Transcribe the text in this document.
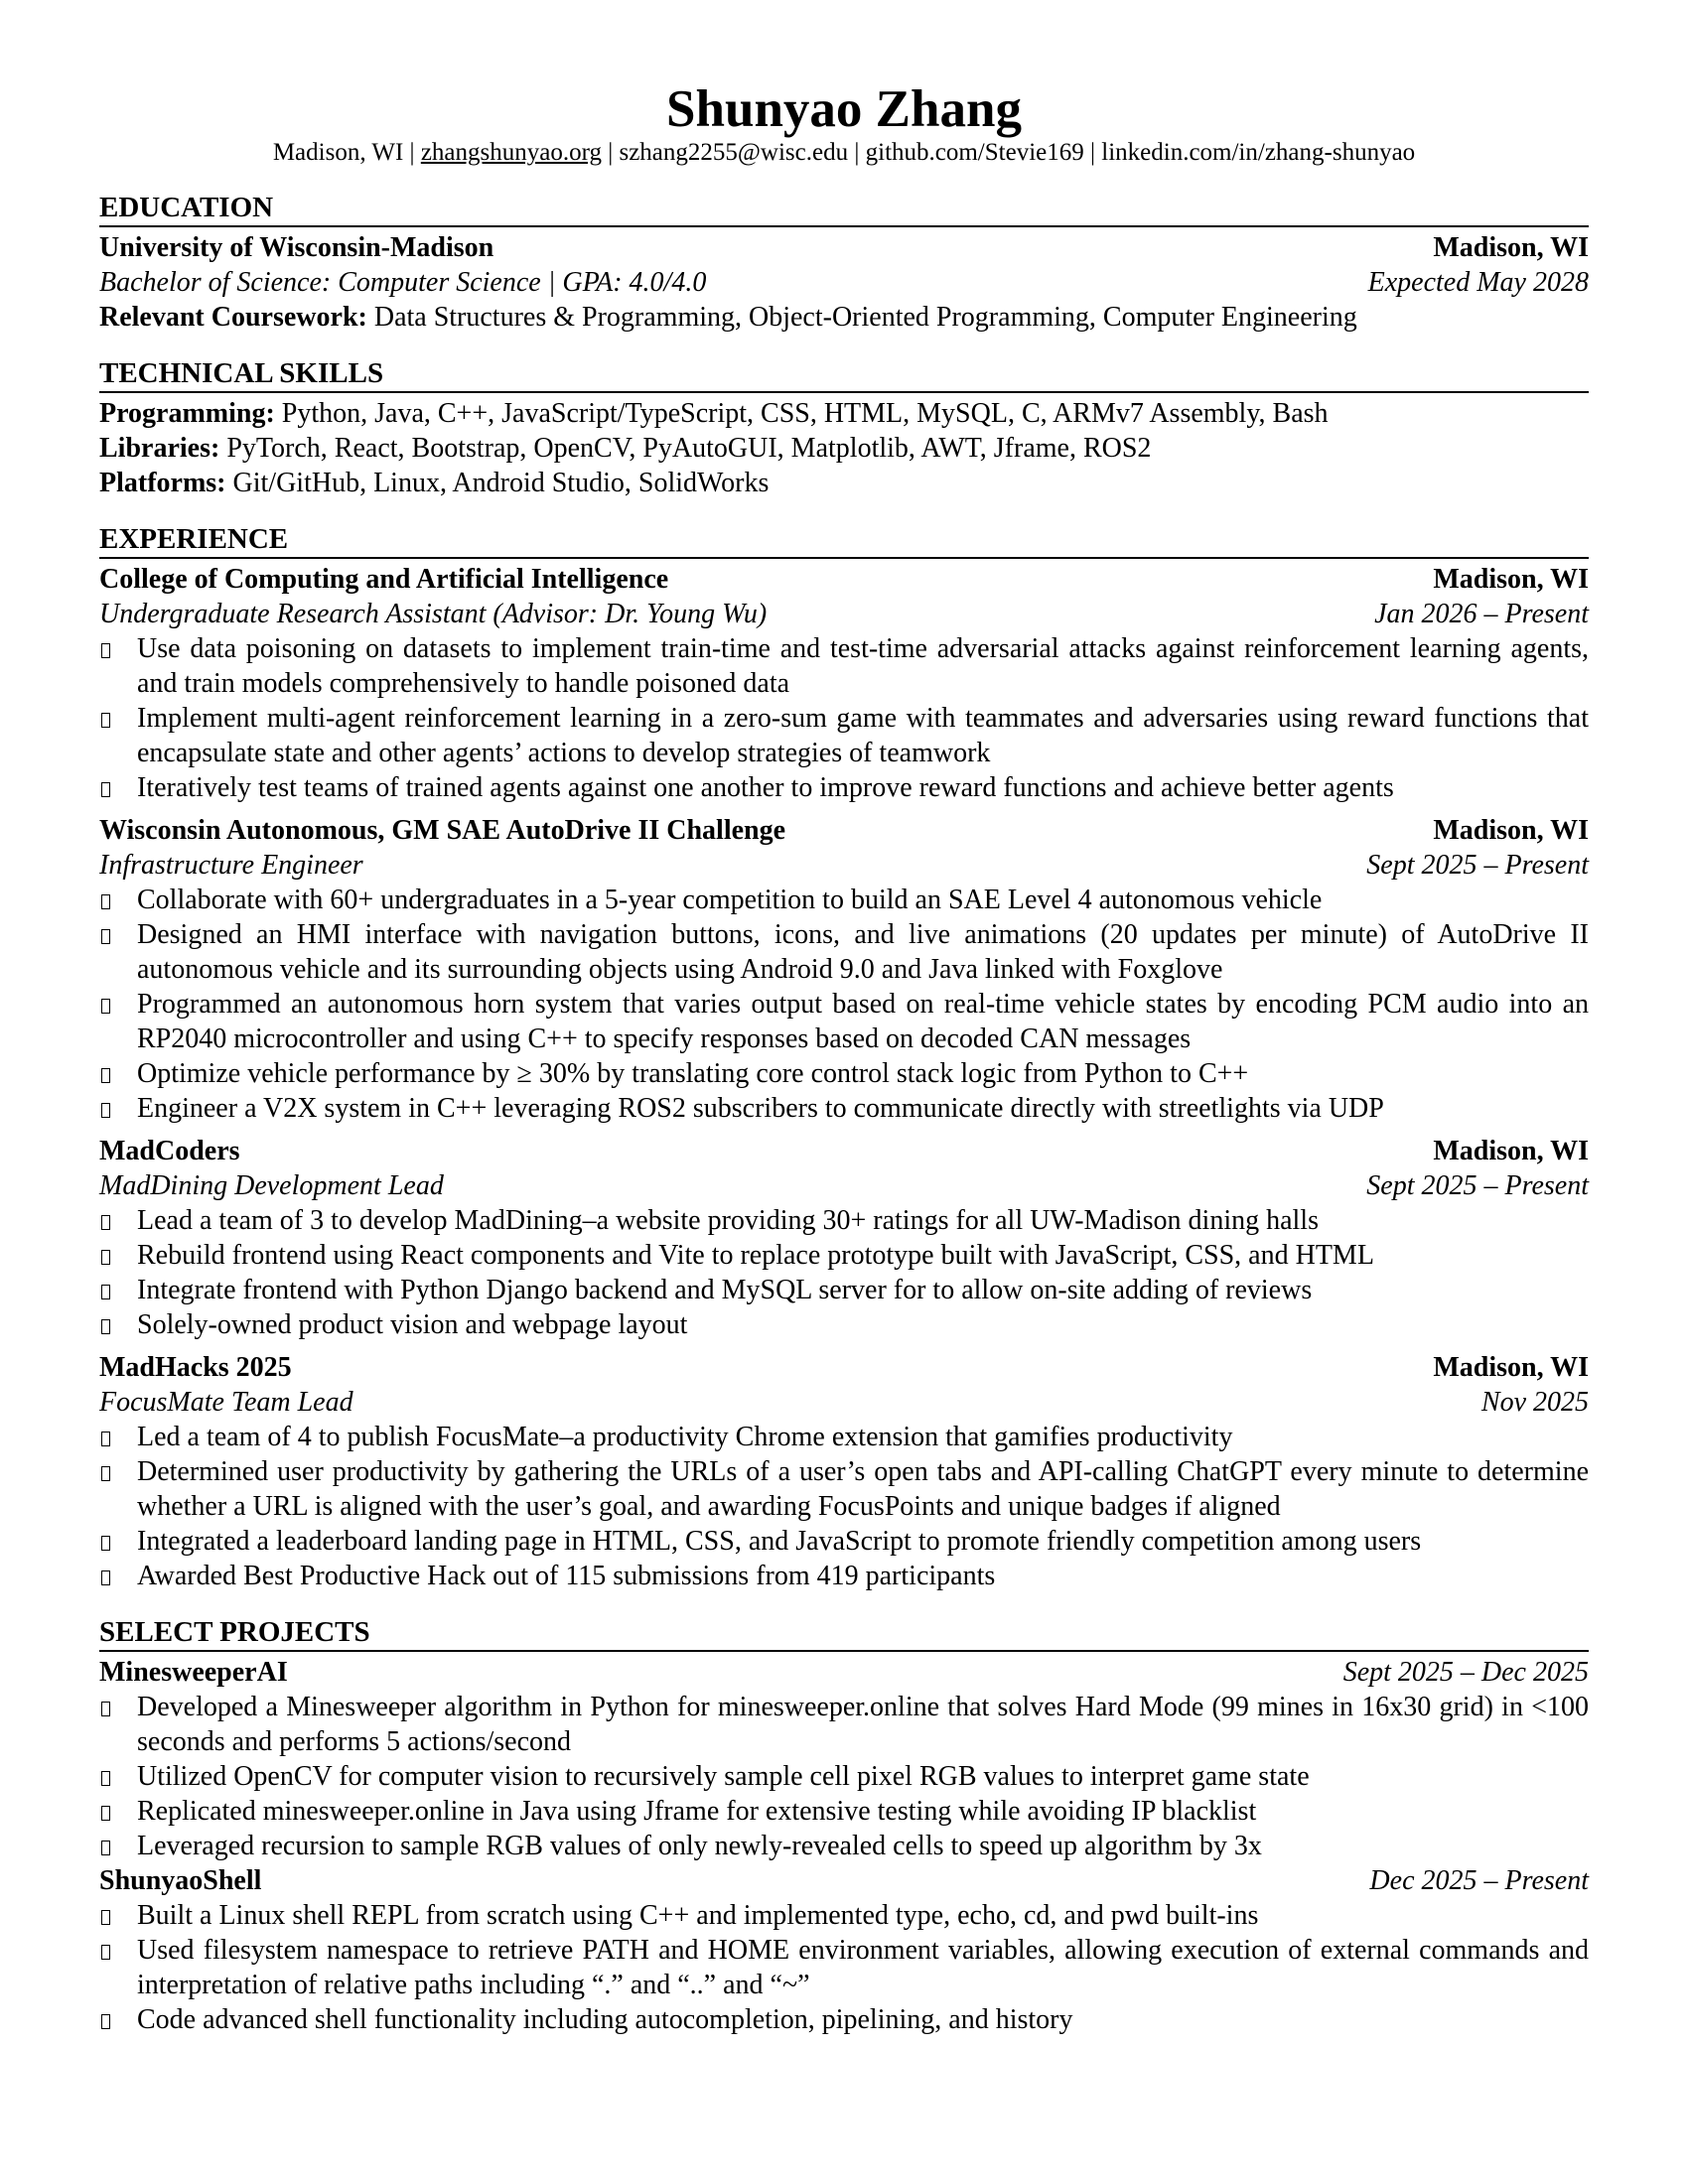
Shunyao Zhang
Madison, WI | zhangshunyao.org | szhang2255@wisc.edu | github.com/Stevie169 | linkedin.com/in/zhang-shunyao
EDUCATION
University of Wisconsin-Madison	Madison, WI
Bachelor of Science: Computer Science | GPA: 4.0/4.0	Expected May 2028
Relevant Coursework: Data Structures & Programming, Object-Oriented Programming, Computer Engineering
TECHNICAL SKILLS
Programming: Python, Java, C++, JavaScript/TypeScript, CSS, HTML, MySQL, C, ARMv7 Assembly, Bash
Libraries: PyTorch, React, Bootstrap, OpenCV, PyAutoGUI, Matplotlib, AWT, Jframe, ROS2
Platforms: Git/GitHub, Linux, Android Studio, SolidWorks
EXPERIENCE
College of Computing and Artificial Intelligence	Madison, WI
Undergraduate Research Assistant (Advisor: Dr. Young Wu)	Jan 2026 – Present
Use data poisoning on datasets to implement train-time and test-time adversarial attacks against reinforcement learning agents, and train models comprehensively to handle poisoned data
Implement multi-agent reinforcement learning in a zero-sum game with teammates and adversaries using reward functions that encapsulate state and other agents’ actions to develop strategies of teamwork
Iteratively test teams of trained agents against one another to improve reward functions and achieve better agents
Wisconsin Autonomous, GM SAE AutoDrive II Challenge	Madison, WI
Infrastructure Engineer	Sept 2025 – Present
Collaborate with 60+ undergraduates in a 5-year competition to build an SAE Level 4 autonomous vehicle
Designed an HMI interface with navigation buttons, icons, and live animations (20 updates per minute) of AutoDrive II autonomous vehicle and its surrounding objects using Android 9.0 and Java linked with Foxglove
Programmed an autonomous horn system that varies output based on real-time vehicle states by encoding PCM audio into an RP2040 microcontroller and using C++ to specify responses based on decoded CAN messages
Optimize vehicle performance by ≥ 30% by translating core control stack logic from Python to C++
Engineer a V2X system in C++ leveraging ROS2 subscribers to communicate directly with streetlights via UDP
MadCoders	Madison, WI
MadDining Development Lead	Sept 2025 – Present
Lead a team of 3 to develop MadDining–a website providing 30+ ratings for all UW-Madison dining halls
Rebuild frontend using React components and Vite to replace prototype built with JavaScript, CSS, and HTML
Integrate frontend with Python Django backend and MySQL server for to allow on-site adding of reviews
Solely-owned product vision and webpage layout
MadHacks 2025	Madison, WI
FocusMate Team Lead	Nov 2025
Led a team of 4 to publish FocusMate–a productivity Chrome extension that gamifies productivity
Determined user productivity by gathering the URLs of a user’s open tabs and API-calling ChatGPT every minute to determine whether a URL is aligned with the user’s goal, and awarding FocusPoints and unique badges if aligned
Integrated a leaderboard landing page in HTML, CSS, and JavaScript to promote friendly competition among users
Awarded Best Productive Hack out of 115 submissions from 419 participants
SELECT PROJECTS
MinesweeperAI	Sept 2025 – Dec 2025
Developed a Minesweeper algorithm in Python for minesweeper.online that solves Hard Mode (99 mines in 16x30 grid) in <100 seconds and performs 5 actions/second
Utilized OpenCV for computer vision to recursively sample cell pixel RGB values to interpret game state
Replicated minesweeper.online in Java using Jframe for extensive testing while avoiding IP blacklist
Leveraged recursion to sample RGB values of only newly-revealed cells to speed up algorithm by 3x
ShunyaoShell	Dec 2025 – Present
Built a Linux shell REPL from scratch using C++ and implemented type, echo, cd, and pwd built-ins
Used filesystem namespace to retrieve PATH and HOME environment variables, allowing execution of external commands and interpretation of relative paths including “.” and “..” and “~”
Code advanced shell functionality including autocompletion, pipelining, and history
